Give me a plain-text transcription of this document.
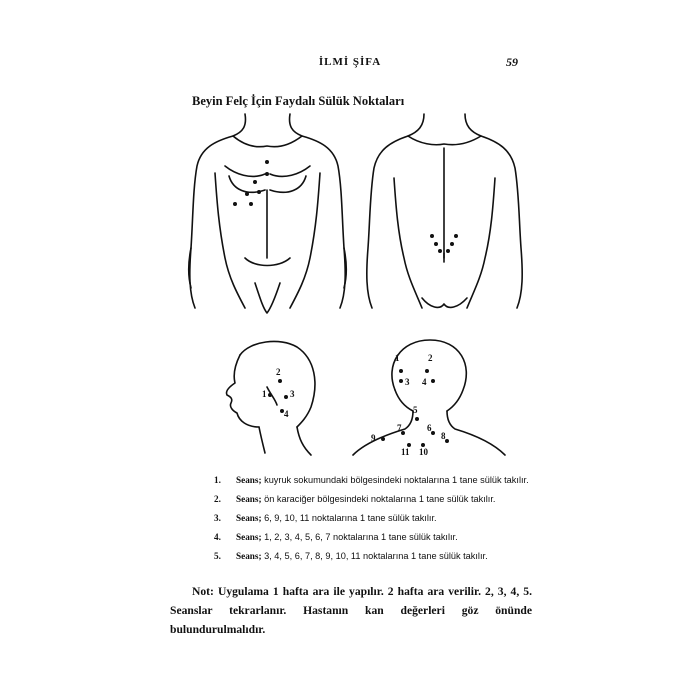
İLMİ ŞİFA	59
Beyin Felç İçin Faydalı Sülük Noktaları
1
2
3
4
1	2
3 4
5
6
7
8
9
10
11
1. Seans; kuyruk sokumundaki bölgesindeki noktalarına 1 tane sülük takılır.
2. Seans; ön karaciğer bölgesindeki noktalarına 1 tane sülük takılır.
3. Seans; 6, 9, 10, 11 noktalarına 1 tane sülük takılır.
4. Seans; 1, 2, 3, 4, 5, 6, 7 noktalarına 1 tane sülük takılır.
5. Seans; 3, 4, 5, 6, 7, 8, 9, 10, 11 noktalarına 1 tane sülük takılır.
Not: Uygulama 1 hafta ara ile yapılır. 2 hafta ara verilir. 2, 3, 4, 5. Seanslar tekrarlanır. Hastanın kan değerleri göz önünde bulundurulmalıdır.
